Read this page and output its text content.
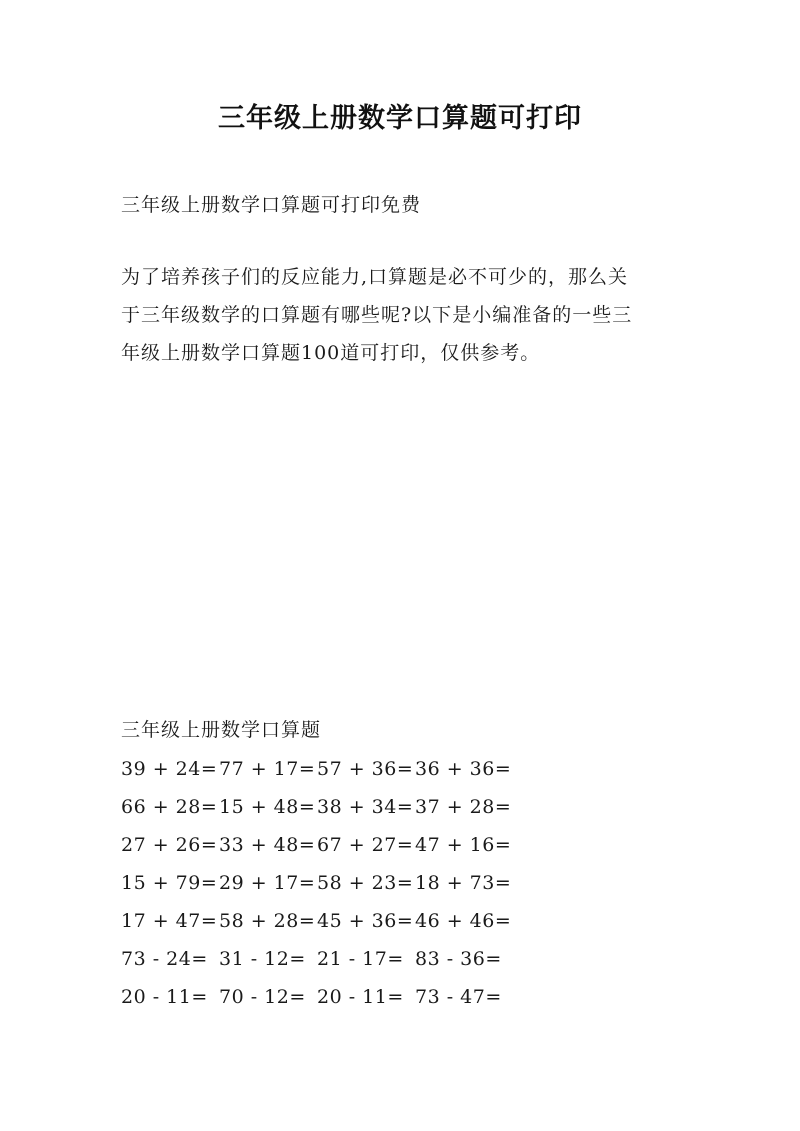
三年级上册数学口算题可打印
三年级上册数学口算题可打印免费
为了培养孩子们的反应能力,口算题是必不可少的，那么关
于三年级数学的口算题有哪些呢?以下是小编准备的一些三
年级上册数学口算题100道可打印，仅供参考。
三年级上册数学口算题
39 + 24= 77 + 17= 57 + 36= 36 + 36=
66 + 28= 15 + 48= 38 + 34= 37 + 28=
27 + 26= 33 + 48= 67 + 27= 47 + 16=
15 + 79= 29 + 17= 58 + 23= 18 + 73=
17 + 47= 58 + 28= 45 + 36= 46 + 46=
73 - 24= 31 - 12= 21 - 17= 83 - 36=
20 - 11= 70 - 12= 20 - 11= 73 - 47=
